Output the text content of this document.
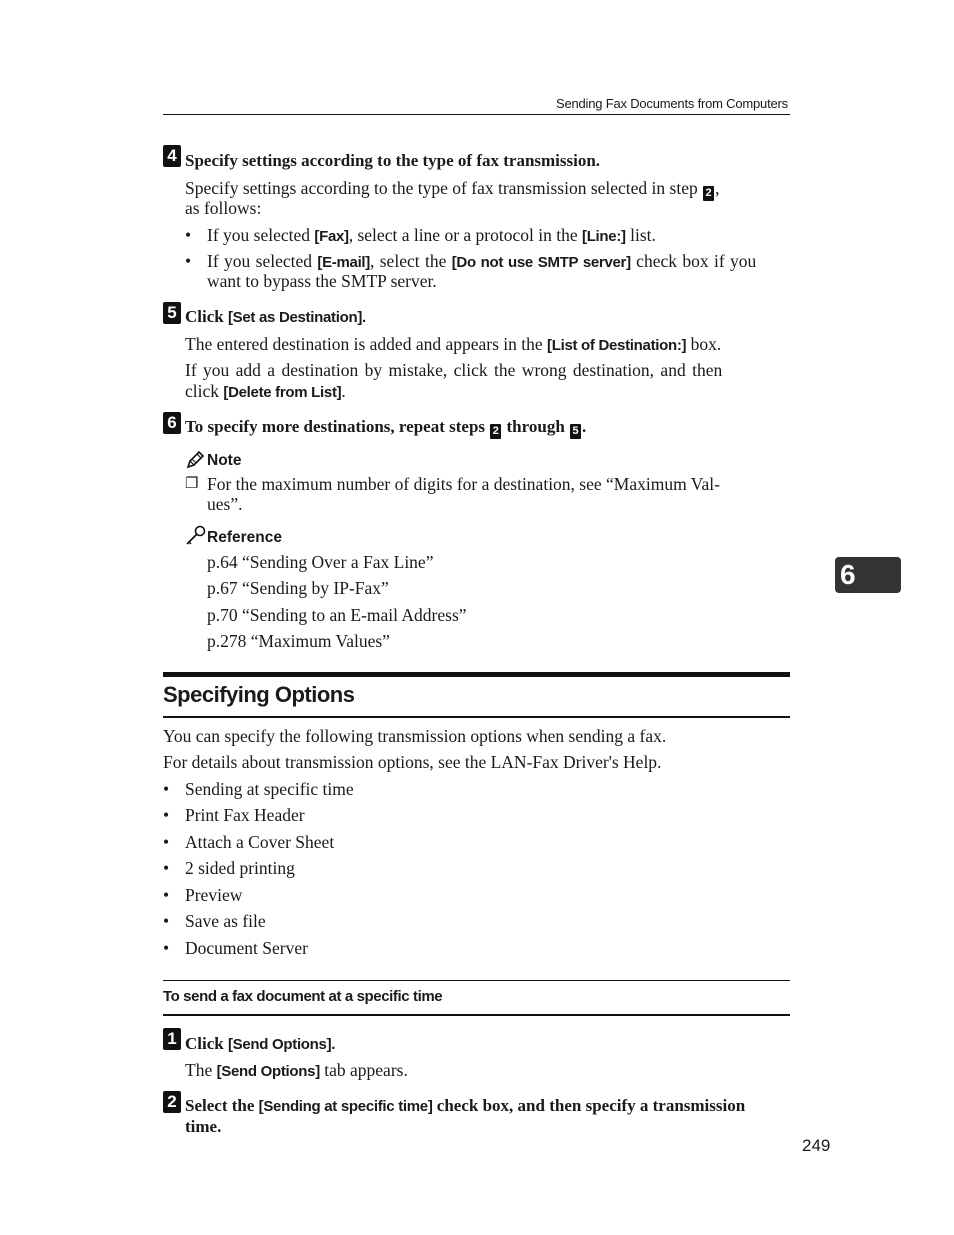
Sending Fax Documents from Computers
6
4 Specify settings according to the type of fax transmission.
Specify settings according to the type of fax transmission selected in step 2 ,
as follows:
• If you selected [Fax], select a line or a protocol in the [Line:] list.
• If you selected [E-mail], select the [Do not use SMTP server] check box if you
want to bypass the SMTP server.
5 Click [Set as Destination].
The entered destination is added and appears in the [List of Destination:] box.
If you add a destination by mistake, click the wrong destination, and then
click [Delete from List].
6 To specify more destinations, repeat steps 2 through 5 .
Note
❐ For the maximum number of digits for a destination, see “Maximum Val-
ues”.
Reference
p.64 “Sending Over a Fax Line”
p.67 “Sending by IP-Fax”
p.70 “Sending to an E-mail Address”
p.278 “Maximum Values”
Specifying Options
You can specify the following transmission options when sending a fax.
For details about transmission options, see the LAN-Fax Driver's Help.
• Sending at specific time
• Print Fax Header
• Attach a Cover Sheet
• 2 sided printing
• Preview
• Save as file
• Document Server
To send a fax document at a specific time
1 Click [Send Options].
The [Send Options] tab appears.
2 Select the [Sending at specific time] check box, and then specify a transmission
time.
249
